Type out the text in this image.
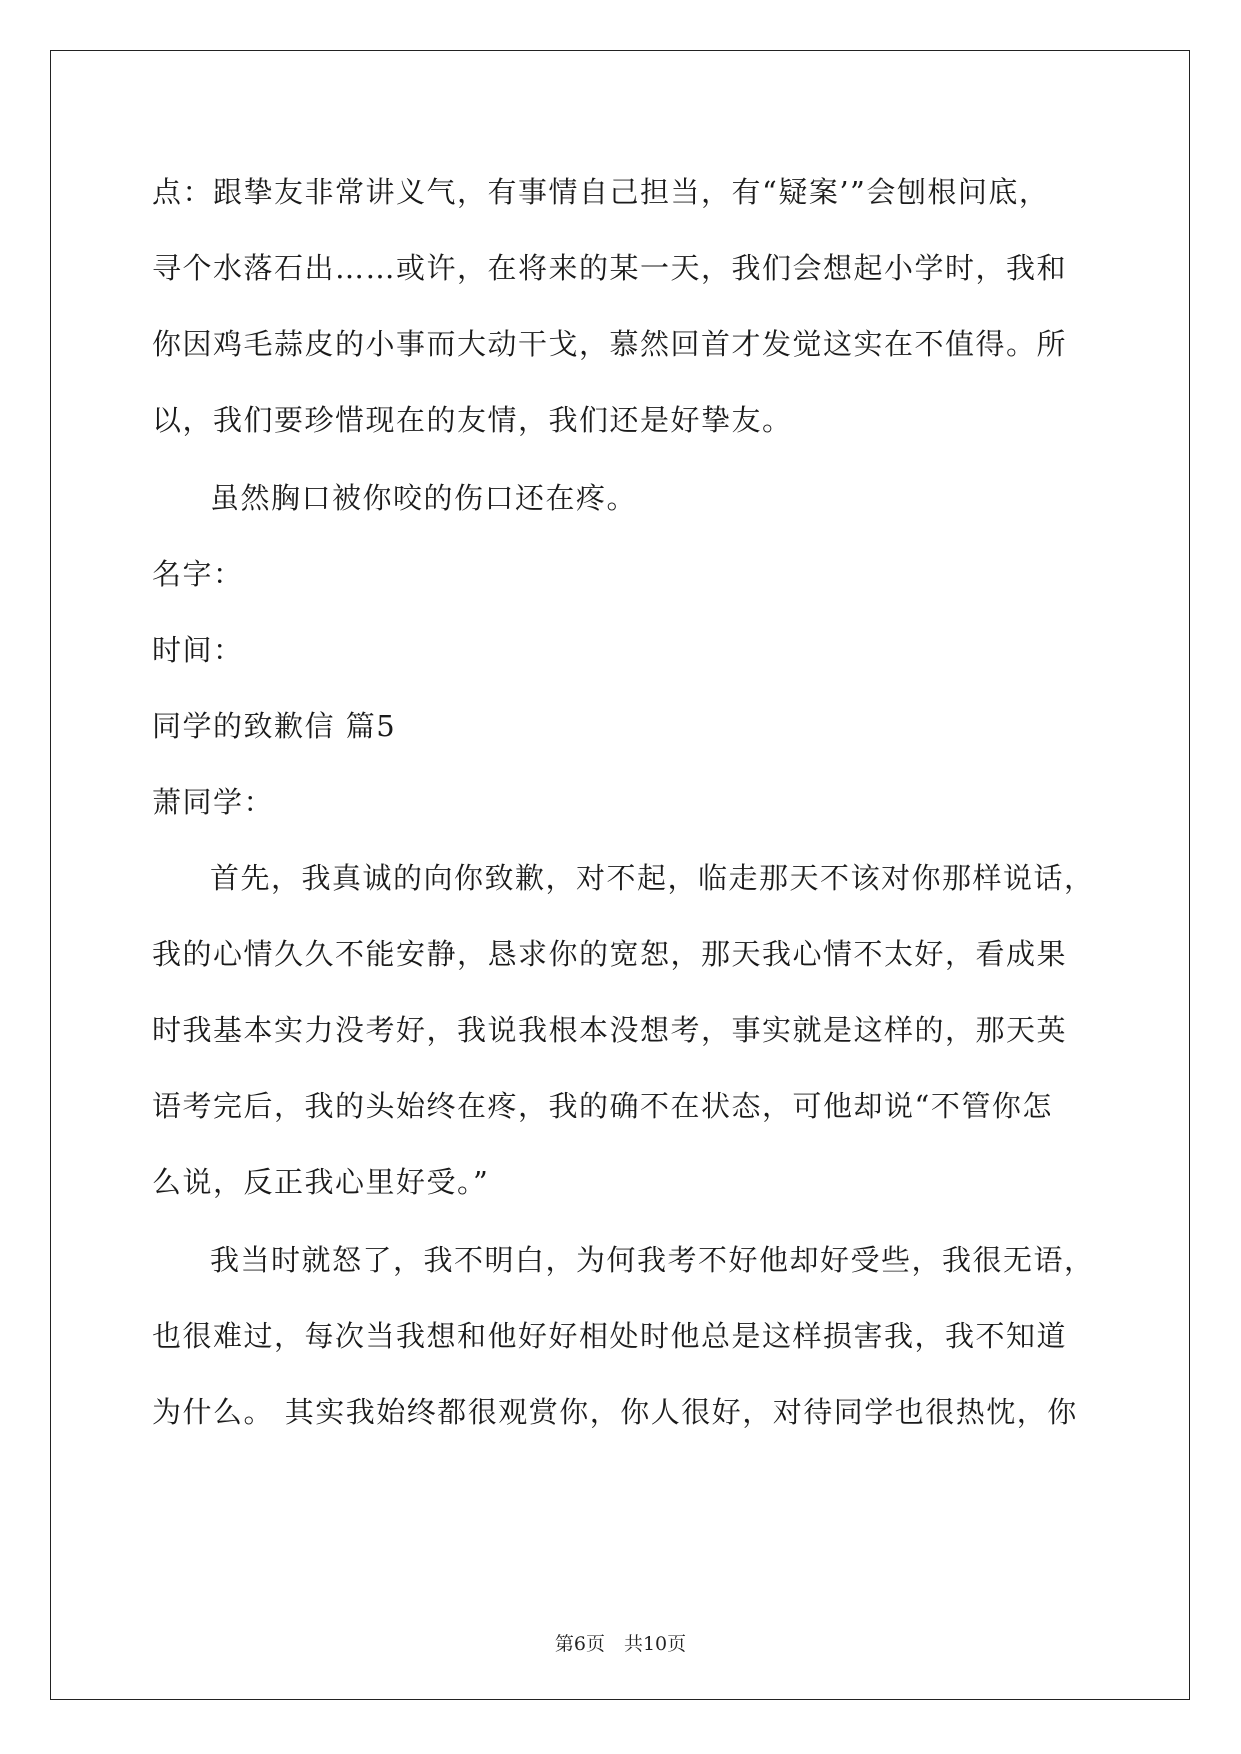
点：跟挚友非常讲义气，有事情自己担当，有“疑案’”会刨根问底，
寻个水落石出……或许，在将来的某一天，我们会想起小学时，我和
你因鸡毛蒜皮的小事而大动干戈，慕然回首才发觉这实在不值得。所
以，我们要珍惜现在的友情，我们还是好挚友。
虽然胸口被你咬的伤口还在疼。
名字：
时间：
同学的致歉信 篇5
萧同学：
首先，我真诚的向你致歉，对不起，临走那天不该对你那样说话，
我的心情久久不能安静，恳求你的宽恕，那天我心情不太好，看成果
时我基本实力没考好，我说我根本没想考，事实就是这样的，那天英
语考完后，我的头始终在疼，我的确不在状态，可他却说“不管你怎
么说，反正我心里好受。”
我当时就怒了，我不明白，为何我考不好他却好受些，我很无语，
也很难过，每次当我想和他好好相处时他总是这样损害我，我不知道
为什么。 其实我始终都很观赏你，你人很好，对待同学也很热忱，你
第6页　共10页
